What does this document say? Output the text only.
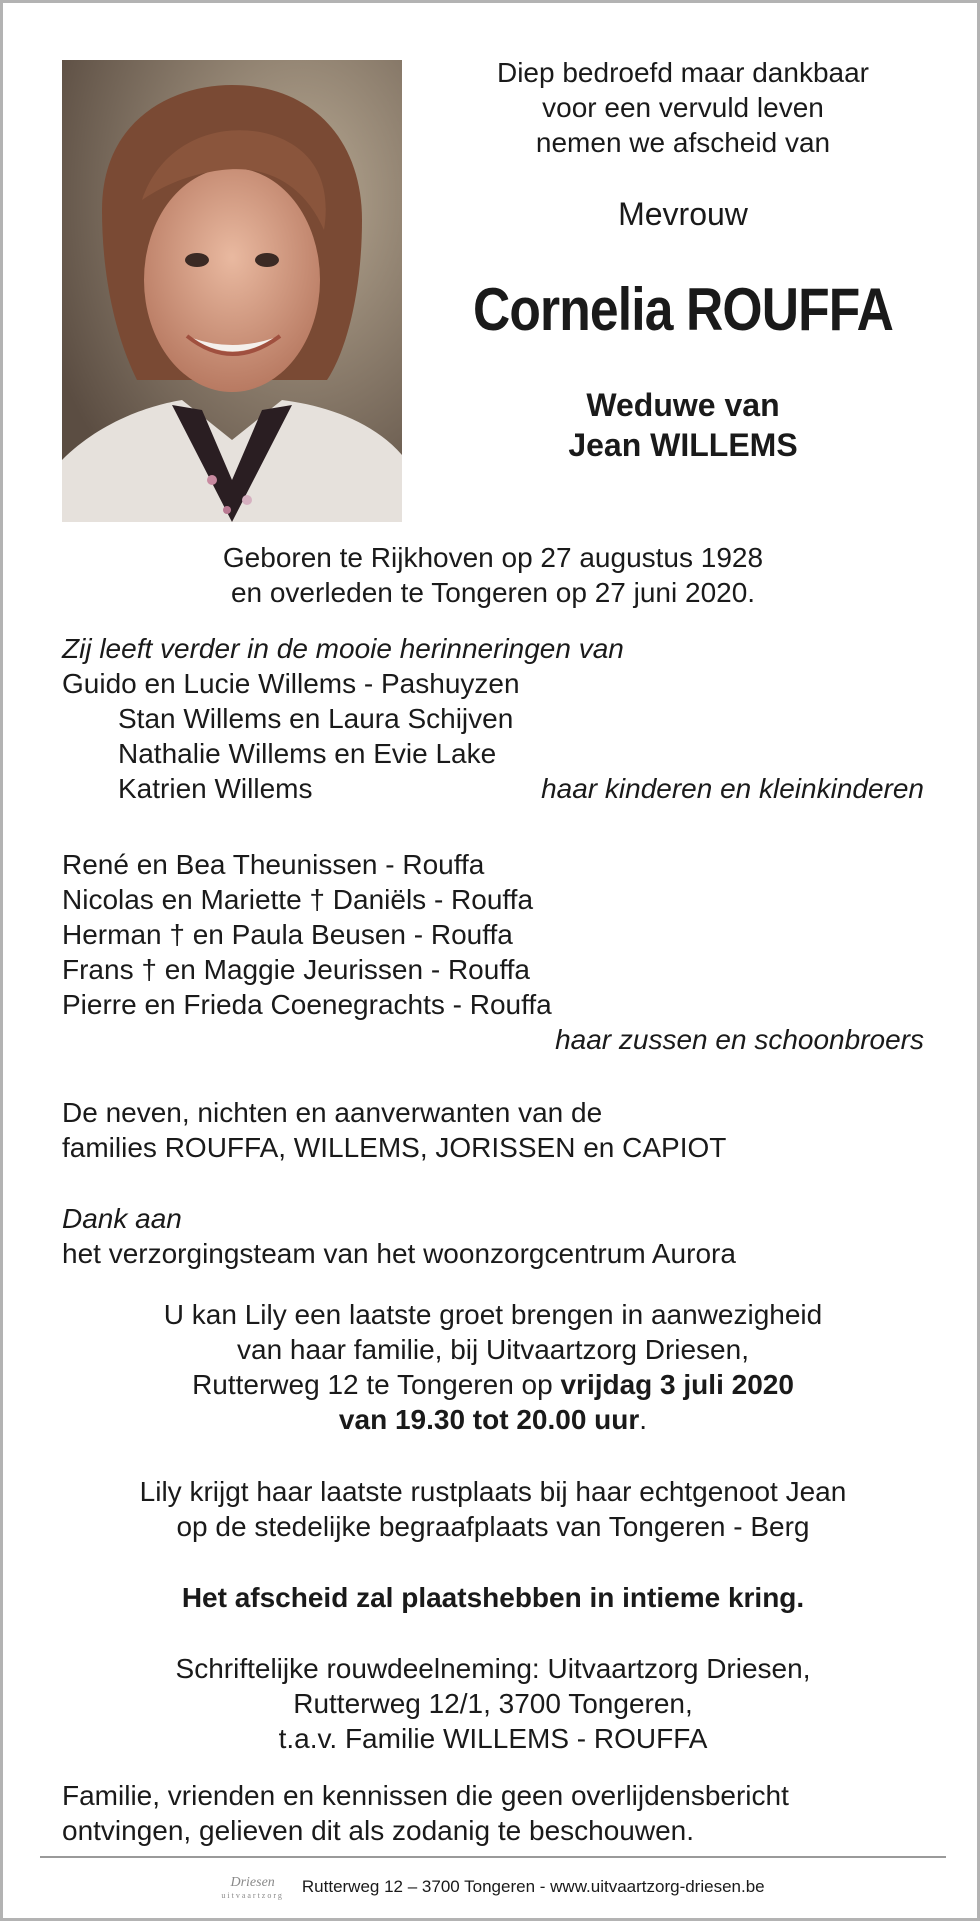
Diep bedroefd maar dankbaar
voor een vervuld leven
nemen we afscheid van
Mevrouw
Cornelia ROUFFA
Weduwe van
Jean WILLEMS
Geboren te Rijkhoven op 27 augustus 1928
en overleden te Tongeren op 27 juni 2020.
Zij leeft verder in de mooie herinneringen van
Guido en Lucie Willems - Pashuyzen
Stan Willems en Laura Schijven
Nathalie Willems en Evie Lake
Katrien Willems	haar kinderen en kleinkinderen
René en Bea Theunissen - Rouffa
Nicolas en Mariette † Daniëls - Rouffa
Herman † en Paula Beusen - Rouffa
Frans † en Maggie Jeurissen - Rouffa
Pierre en Frieda Coenegrachts - Rouffa
haar zussen en schoonbroers
De neven, nichten en aanverwanten van de
families ROUFFA, WILLEMS, JORISSEN en CAPIOT
Dank aan
het verzorgingsteam van het woonzorgcentrum Aurora
U kan Lily een laatste groet brengen in aanwezigheid
van haar familie, bij Uitvaartzorg Driesen,
Rutterweg 12 te Tongeren op vrijdag 3 juli 2020
van 19.30 tot 20.00 uur.
Lily krijgt haar laatste rustplaats bij haar echtgenoot Jean
op de stedelijke begraafplaats van Tongeren - Berg
Het afscheid zal plaatshebben in intieme kring.
Schriftelijke rouwdeelneming: Uitvaartzorg Driesen,
Rutterweg 12/1, 3700 Tongeren,
t.a.v. Familie WILLEMS - ROUFFA
Familie, vrienden en kennissen die geen overlijdensbericht
ontvingen, gelieven dit als zodanig te beschouwen.
Driesen
uitvaartzorg Rutterweg 12 – 3700 Tongeren - www.uitvaartzorg-driesen.be
